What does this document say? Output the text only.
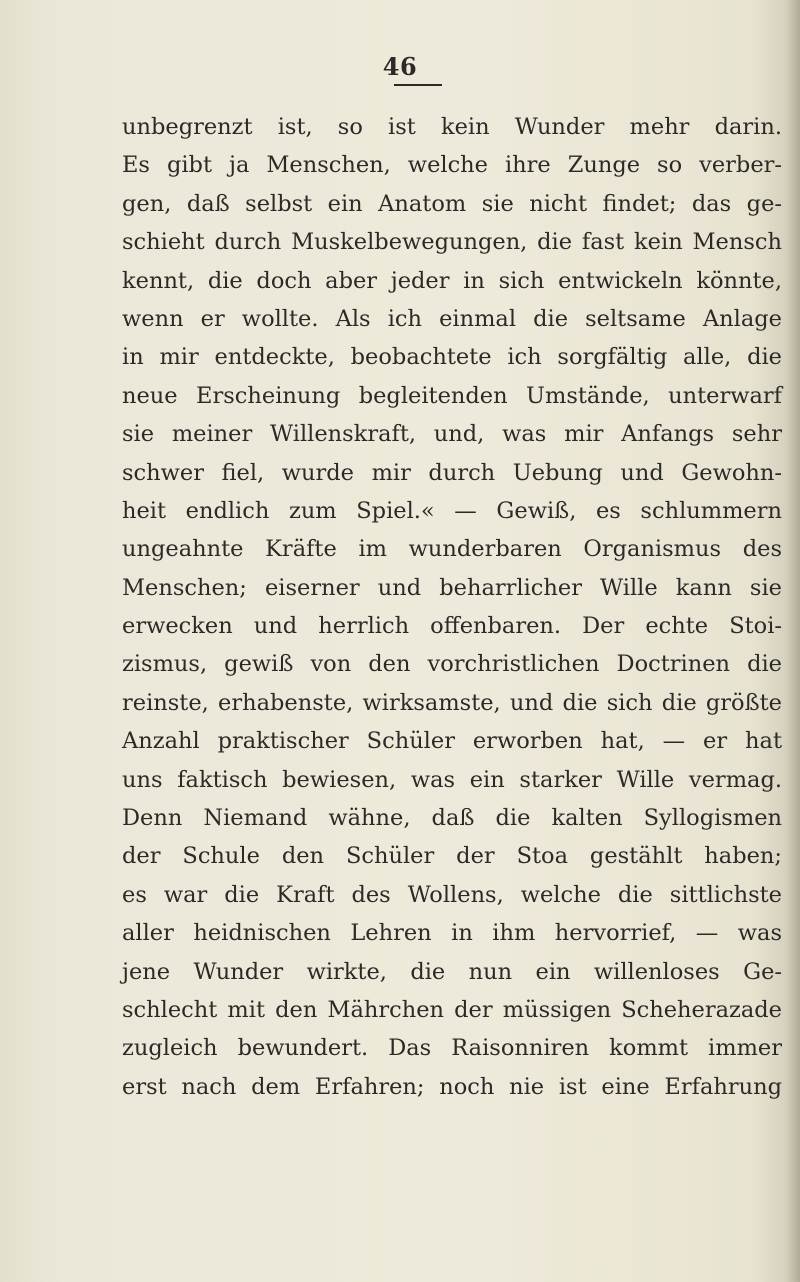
46
unbegrenzt ist, so ist kein Wunder mehr darin.
Es gibt ja Menschen, welche ihre Zunge so verber-
gen, daß selbst ein Anatom sie nicht findet; das ge-
schieht durch Muskelbewegungen, die fast kein Mensch
kennt, die doch aber jeder in sich entwickeln könnte,
wenn er wollte. Als ich einmal die seltsame Anlage
in mir entdeckte, beobachtete ich sorgfältig alle, die
neue Erscheinung begleitenden Umstände, unterwarf
sie meiner Willenskraft, und, was mir Anfangs sehr
schwer fiel, wurde mir durch Uebung und Gewohn-
heit endlich zum Spiel.« — Gewiß, es schlummern
ungeahnte Kräfte im wunderbaren Organismus des
Menschen; eiserner und beharrlicher Wille kann sie
erwecken und herrlich offenbaren. Der echte Stoi-
zismus, gewiß von den vorchristlichen Doctrinen die
reinste, erhabenste, wirksamste, und die sich die größte
Anzahl praktischer Schüler erworben hat, — er hat
uns faktisch bewiesen, was ein starker Wille vermag.
Denn Niemand wähne, daß die kalten Syllogismen
der Schule den Schüler der Stoa gestählt haben;
es war die Kraft des Wollens, welche die sittlichste
aller heidnischen Lehren in ihm hervorrief, — was
jene Wunder wirkte, die nun ein willenloses Ge-
schlecht mit den Mährchen der müssigen Scheherazade
zugleich bewundert. Das Raisonniren kommt immer
erst nach dem Erfahren; noch nie ist eine Erfahrung
